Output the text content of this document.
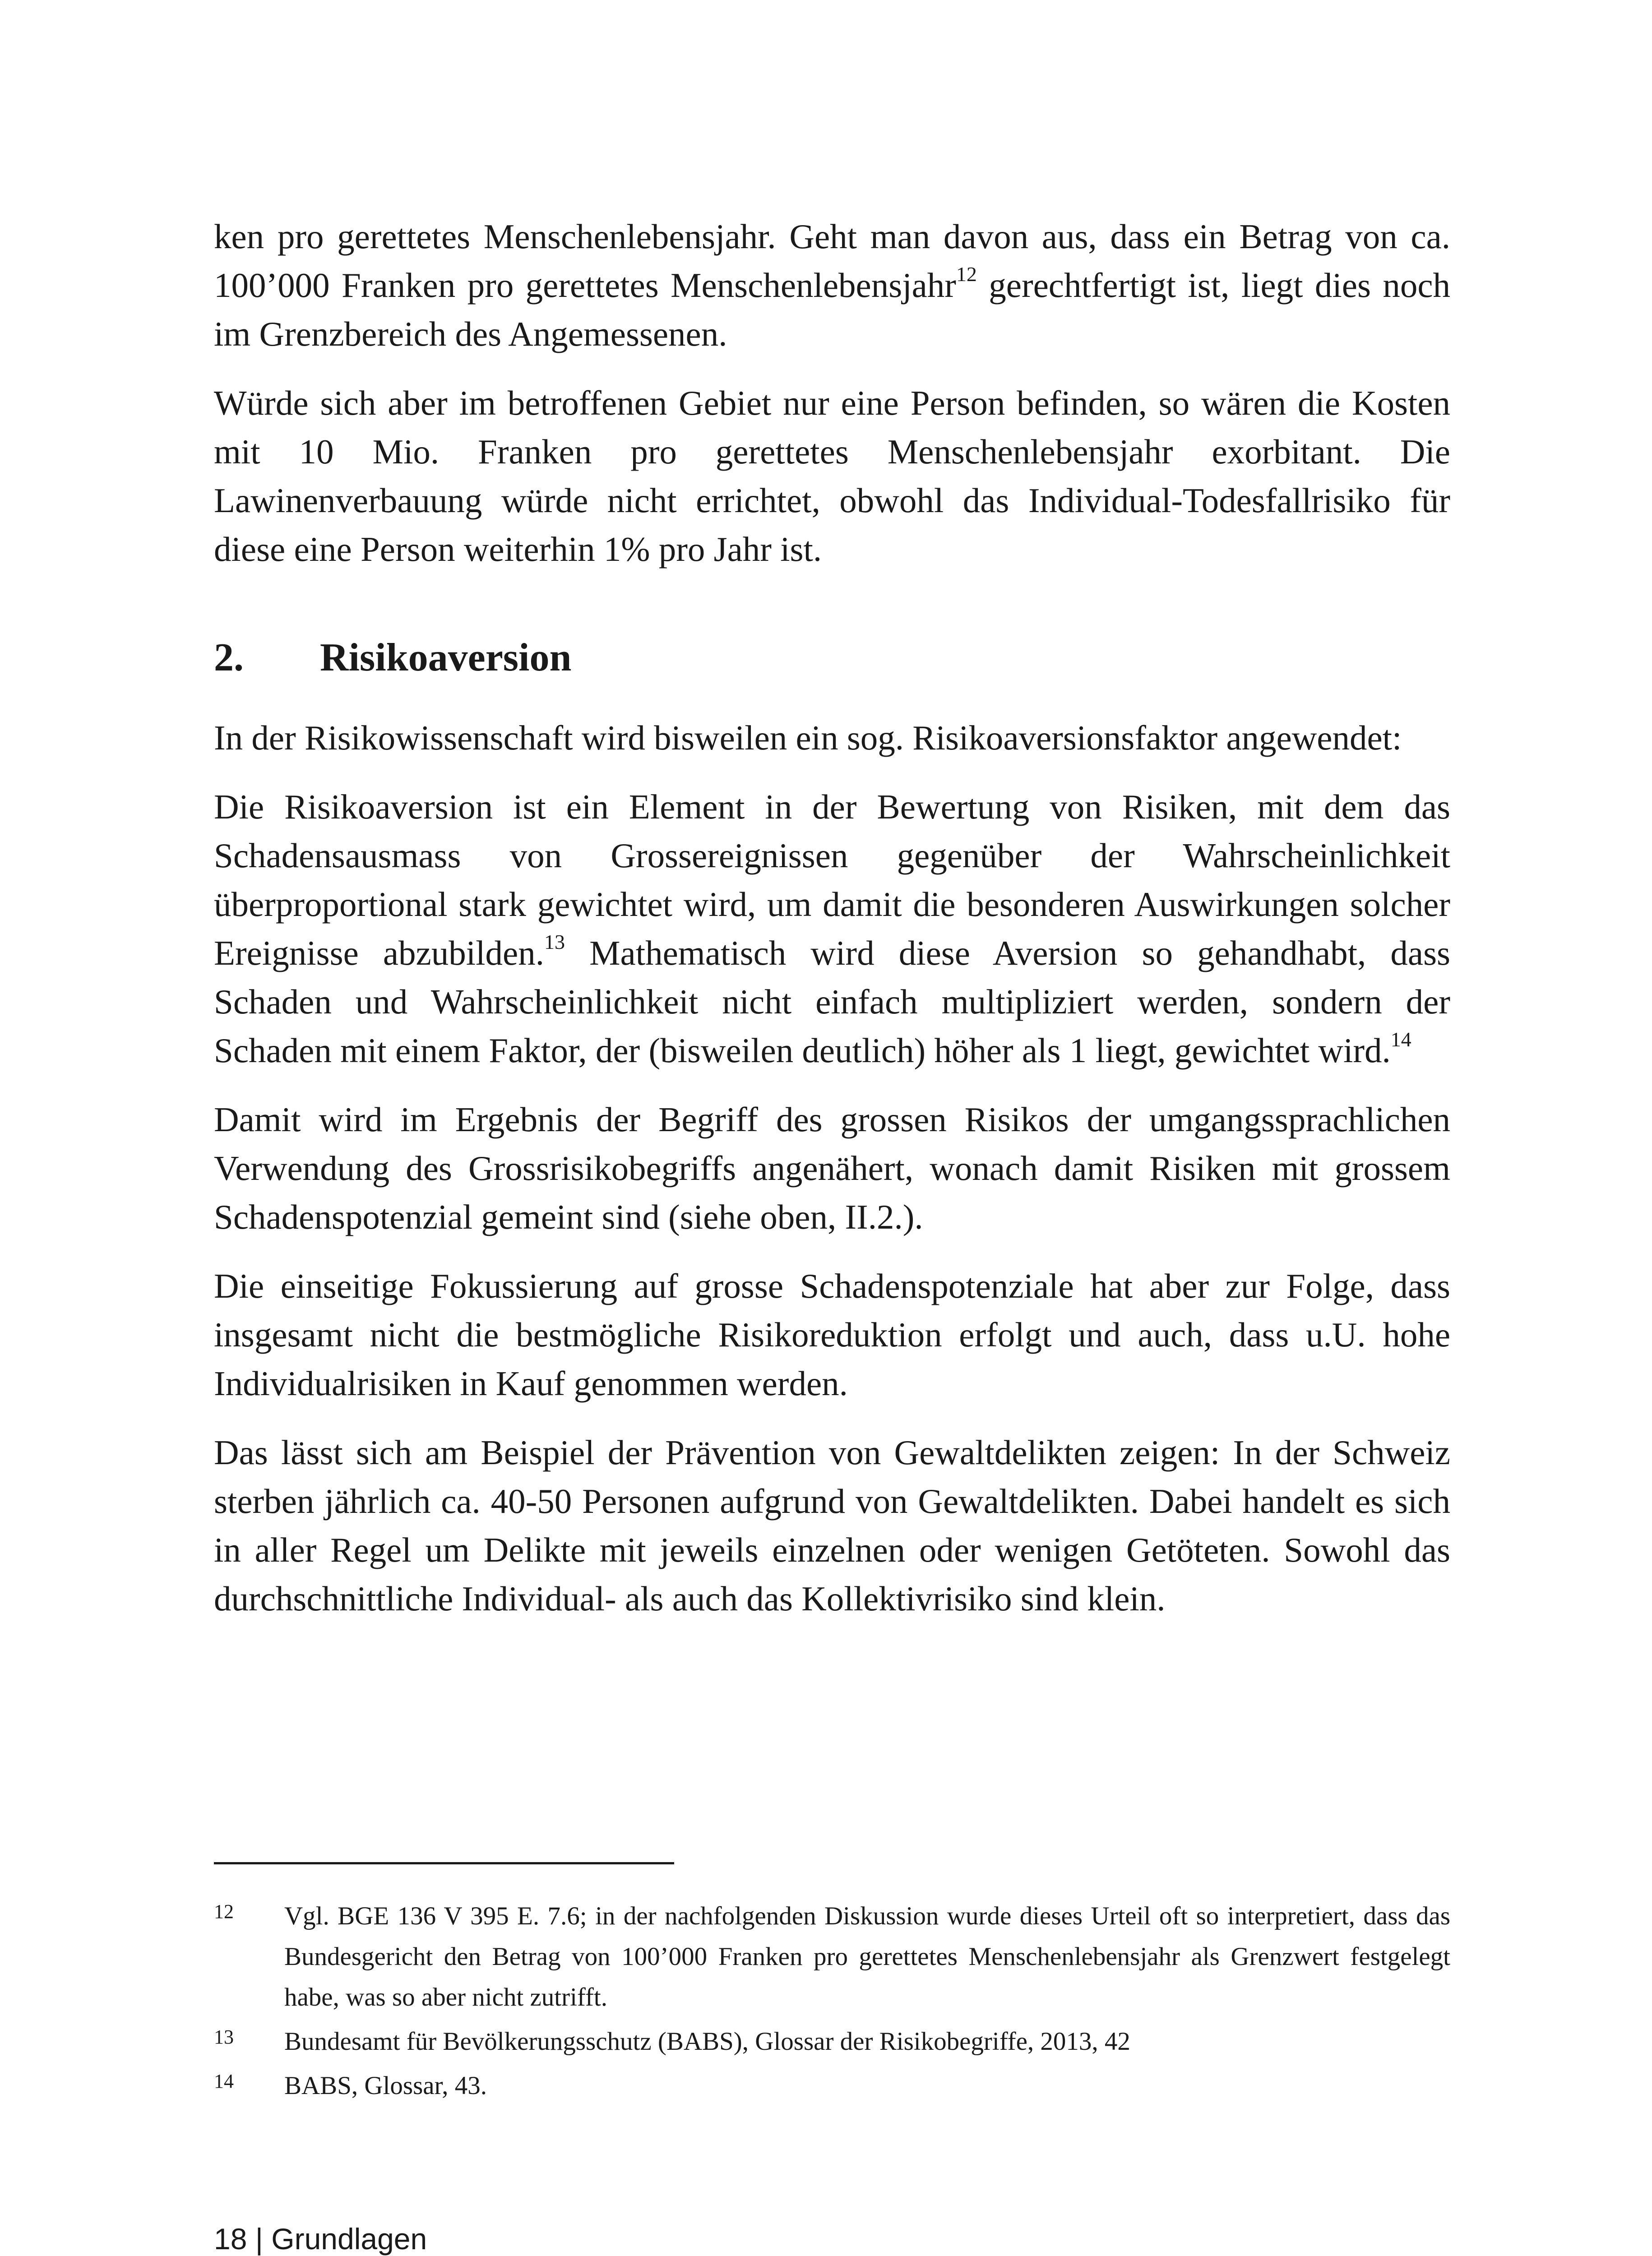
ken pro gerettetes Menschenlebensjahr. Geht man davon aus, dass ein Betrag von ca. 100’000 Franken pro gerettetes Menschenlebensjahr$^{12}$ gerechtfertigt ist, liegt dies noch im Grenzbereich des Angemessenen.

Würde sich aber im betroffenen Gebiet nur eine Person befinden, so wären die Kosten mit 10 Mio. Franken pro gerettetes Menschenlebensjahr exorbitant. Die Lawinenverbauung würde nicht errichtet, obwohl das Individual-Todesfallrisiko für diese eine Person weiterhin 1% pro Jahr ist.

2.	Risikoaversion

In der Risikowissenschaft wird bisweilen ein sog. Risikoaversionsfaktor angewendet:

Die Risikoaversion ist ein Element in der Bewertung von Risiken, mit dem das Schadensausmass von Grossereignissen gegenüber der Wahrscheinlichkeit überproportional stark gewichtet wird, um damit die besonderen Auswirkungen solcher Ereignisse abzubilden.$^{13}$ Mathematisch wird diese Aversion so gehandhabt, dass Schaden und Wahrscheinlichkeit nicht einfach multipliziert werden, sondern der Schaden mit einem Faktor, der (bisweilen deutlich) höher als 1 liegt, gewichtet wird.$^{14}$

Damit wird im Ergebnis der Begriff des grossen Risikos der umgangssprachlichen Verwendung des Grossrisikobegriffs angenähert, wonach damit Risiken mit grossem Schadenspotenzial gemeint sind (siehe oben, II.2.).

Die einseitige Fokussierung auf grosse Schadenspotenziale hat aber zur Folge, dass insgesamt nicht die bestmögliche Risikoreduktion erfolgt und auch, dass u.U. hohe Individualrisiken in Kauf genommen werden.

Das lässt sich am Beispiel der Prävention von Gewaltdelikten zeigen: In der Schweiz sterben jährlich ca. 40-50 Personen aufgrund von Gewaltdelikten. Dabei handelt es sich in aller Regel um Delikte mit jeweils einzelnen oder wenigen Getöteten. Sowohl das durchschnittliche Individual- als auch das Kollektivrisiko sind klein.

12	Vgl. BGE 136 V 395 E. 7.6; in der nachfolgenden Diskussion wurde dieses Urteil oft so interpretiert, dass das Bundesgericht den Betrag von 100’000 Franken pro gerettetes Menschenlebensjahr als Grenzwert festgelegt habe, was so aber nicht zutrifft.
13	Bundesamt für Bevölkerungsschutz (BABS), Glossar der Risikobegriffe, 2013, 42
14	BABS, Glossar, 43.
18 | Grundlagen
